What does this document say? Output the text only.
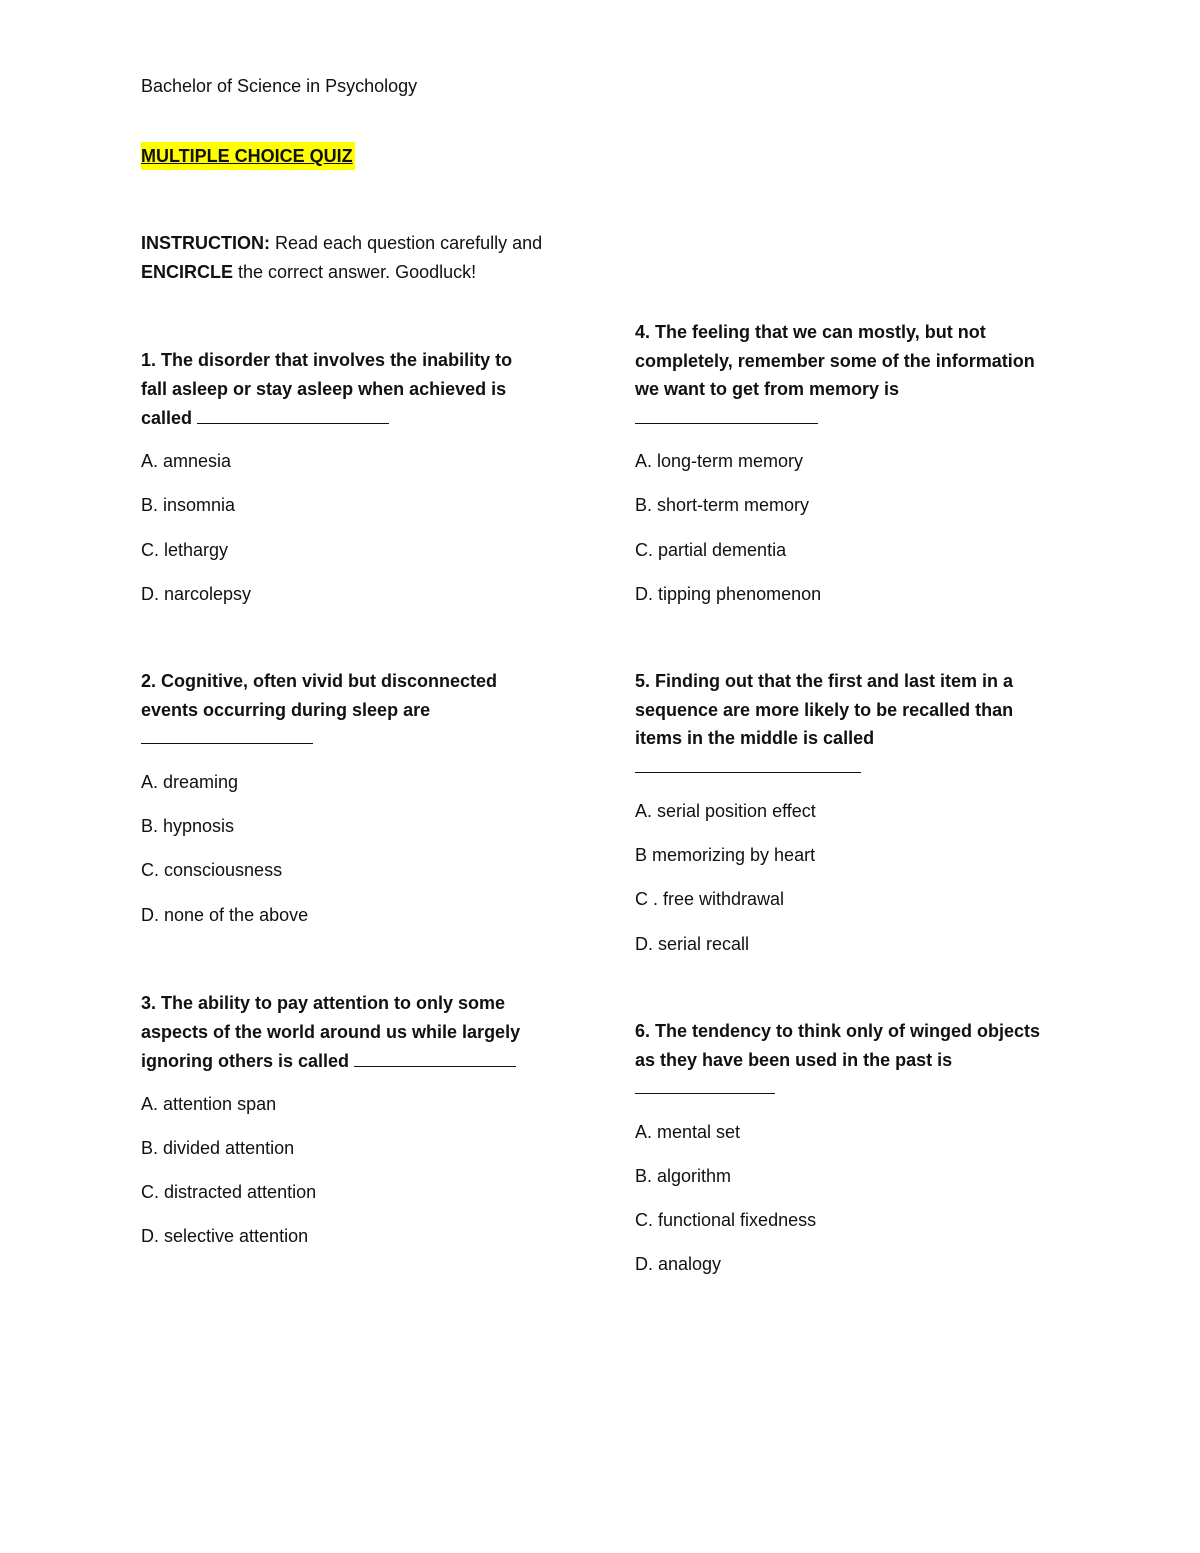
Bachelor of Science in Psychology
MULTIPLE CHOICE QUIZ
INSTRUCTION: Read each question carefully and
ENCIRCLE the correct answer. Goodluck!

1. The disorder that involves the inability to fall asleep or stay asleep when achieved is called

A. amnesia

B. insomnia

C. lethargy

D. narcolepsy

2. Cognitive, often vivid but disconnected events occurring during sleep are

A. dreaming

B. hypnosis

C. consciousness

D. none of the above

3. The ability to pay attention to only some aspects of the world around us while largely ignoring others is called

A. attention span

B. divided attention

C. distracted attention

D. selective attention

4. The feeling that we can mostly, but not completely, remember some of the information we want to get from memory is

A. long-term memory

B. short-term memory

C. partial dementia

D. tipping phenomenon

5. Finding out that the first and last item in a sequence are more likely to be recalled than items in the middle is called

A. serial position effect

B memorizing by heart

C . free withdrawal

D. serial recall

6. The tendency to think only of winged objects as they have been used in the past is

A. mental set

B. algorithm

C. functional fixedness

D. analogy
